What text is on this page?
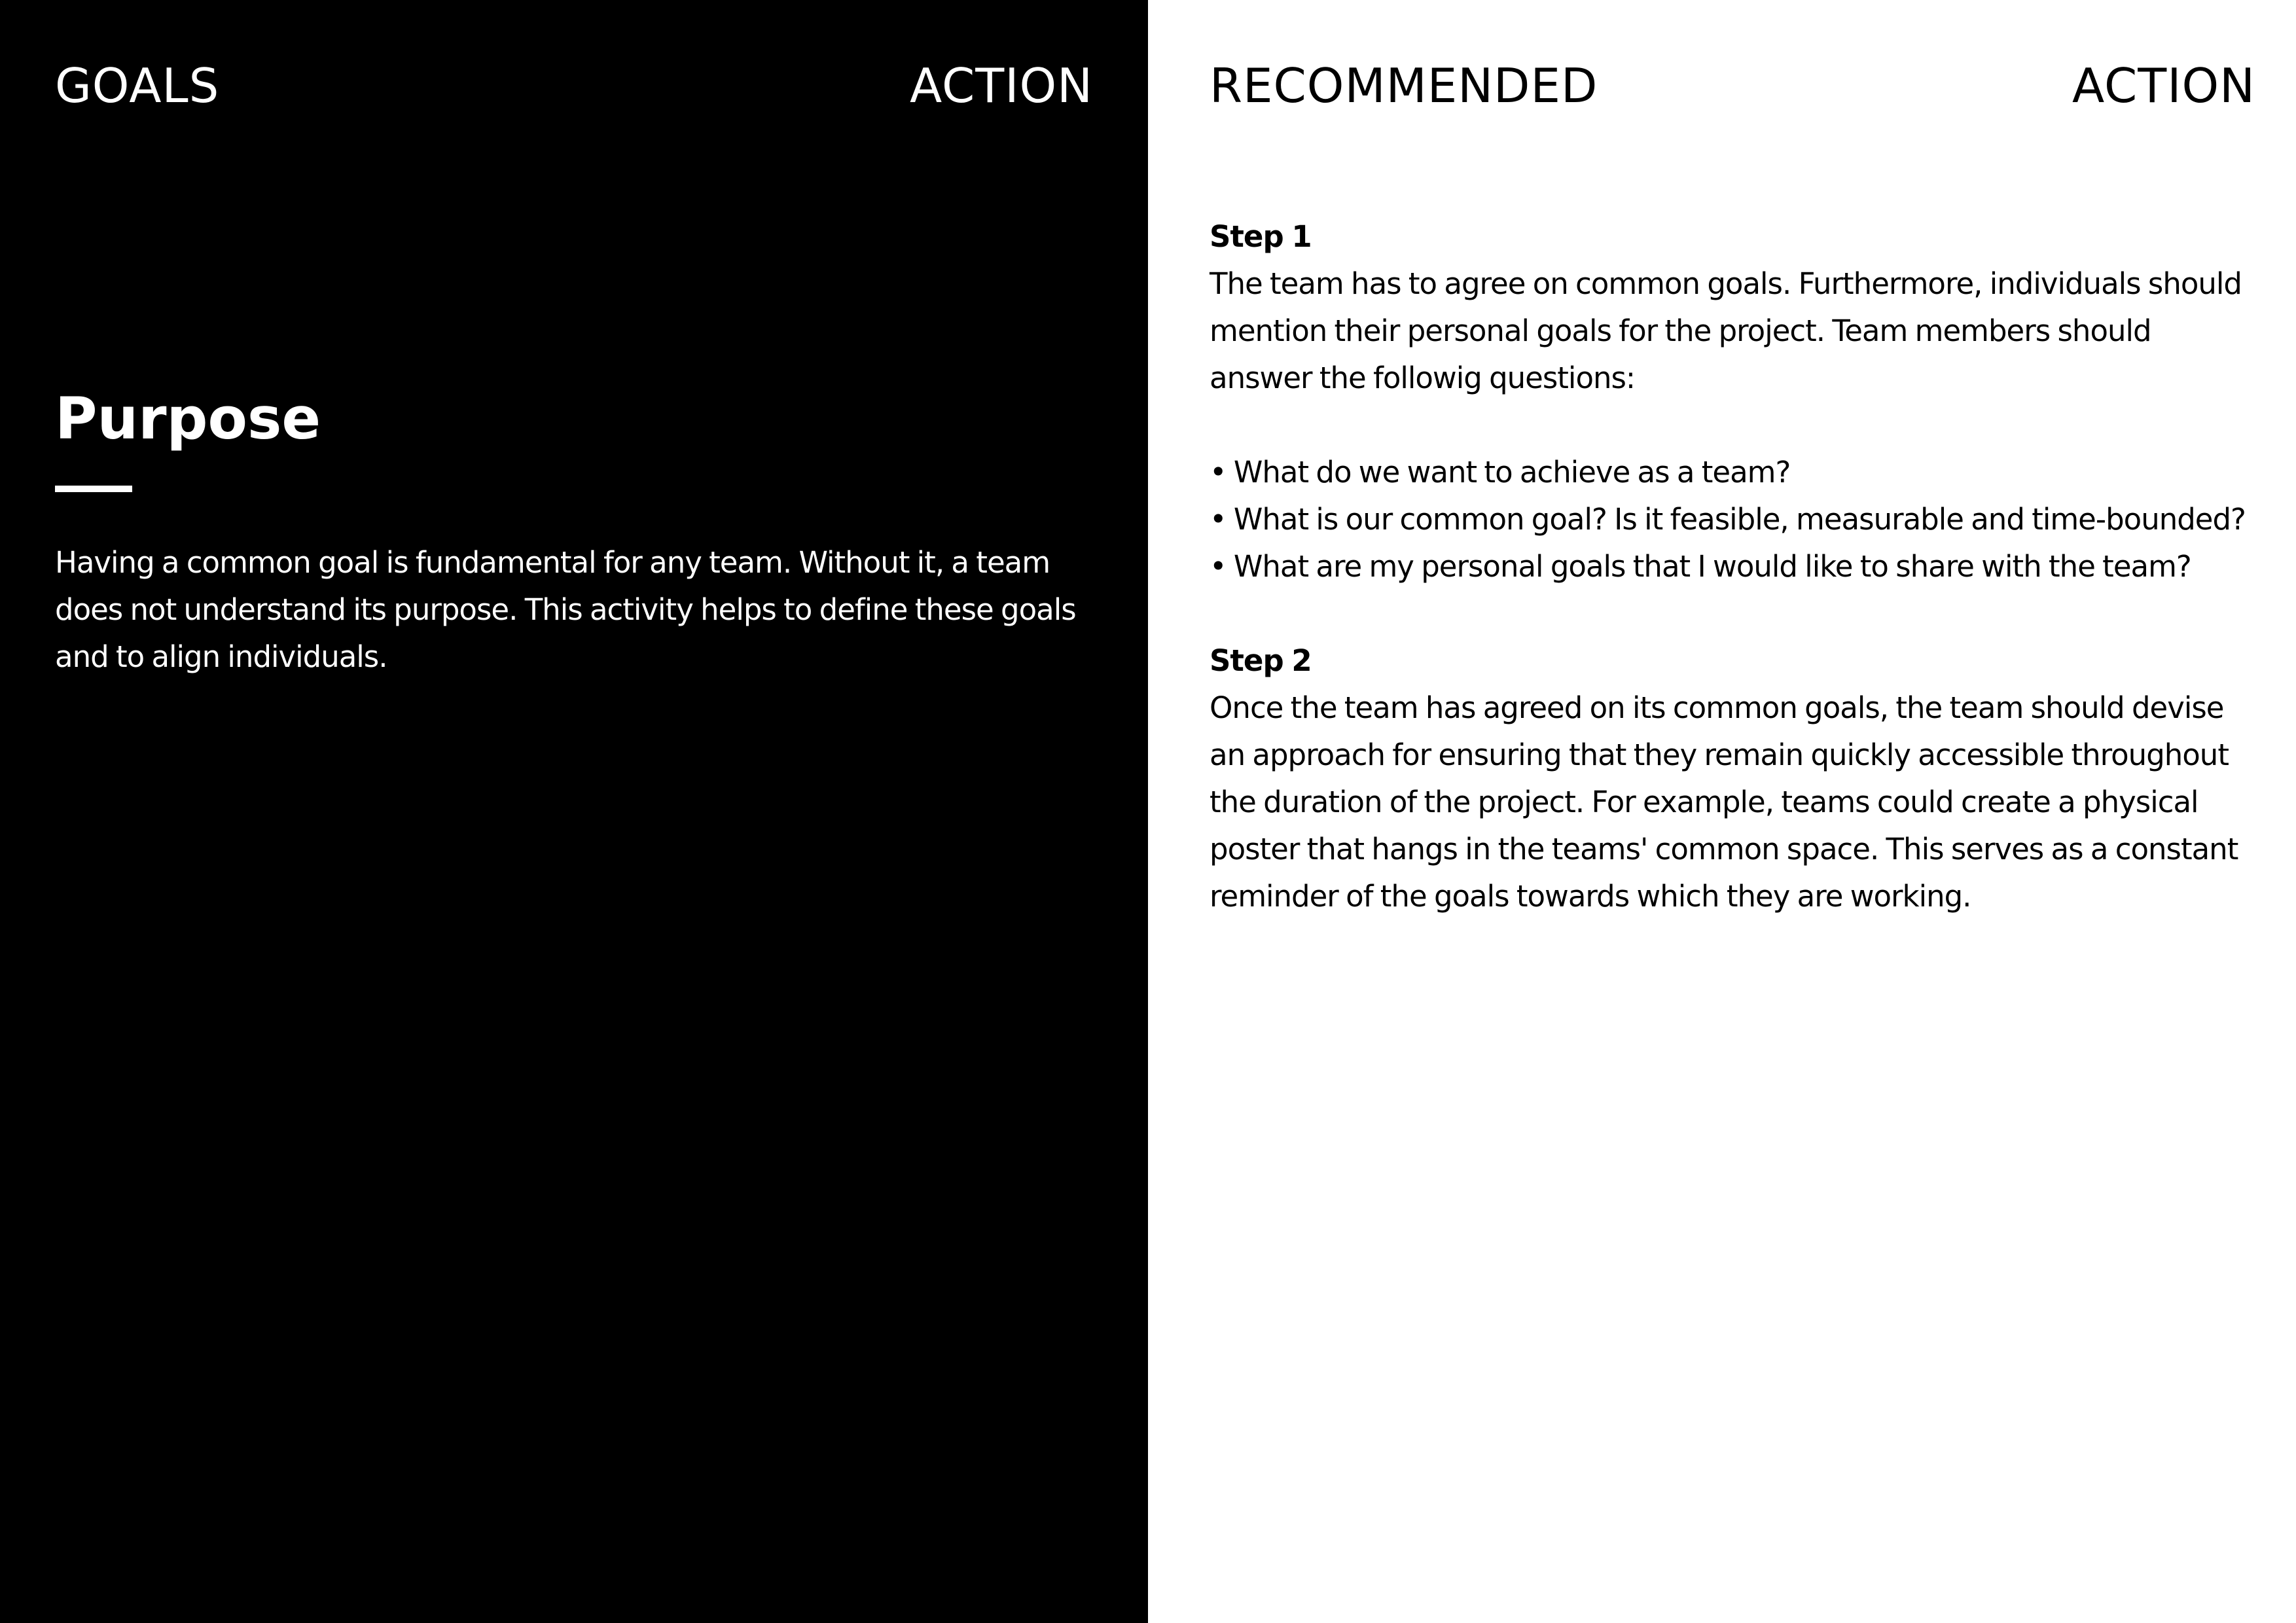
GOALS	ACTION
Purpose
Having a common goal is fundamental for any team. Without it, a team does not understand its purpose. This activity helps to define these goals and to align individuals.
RECOMMENDED	ACTION
Step 1
The team has to agree on common goals. Furthermore, individuals should mention their personal goals for the project. Team members should answer the followig questions:
• What do we want to achieve as a team?
• What is our common goal? Is it feasible, measurable and time-bounded?
• What are my personal goals that I would like to share with the team?
Step 2
Once the team has agreed on its common goals, the team should devise an approach for ensuring that they remain quickly accessible throughout the duration of the project. For example, teams could create a physical poster that hangs in the teams' common space. This serves as a constant reminder of the goals towards which they are working.
